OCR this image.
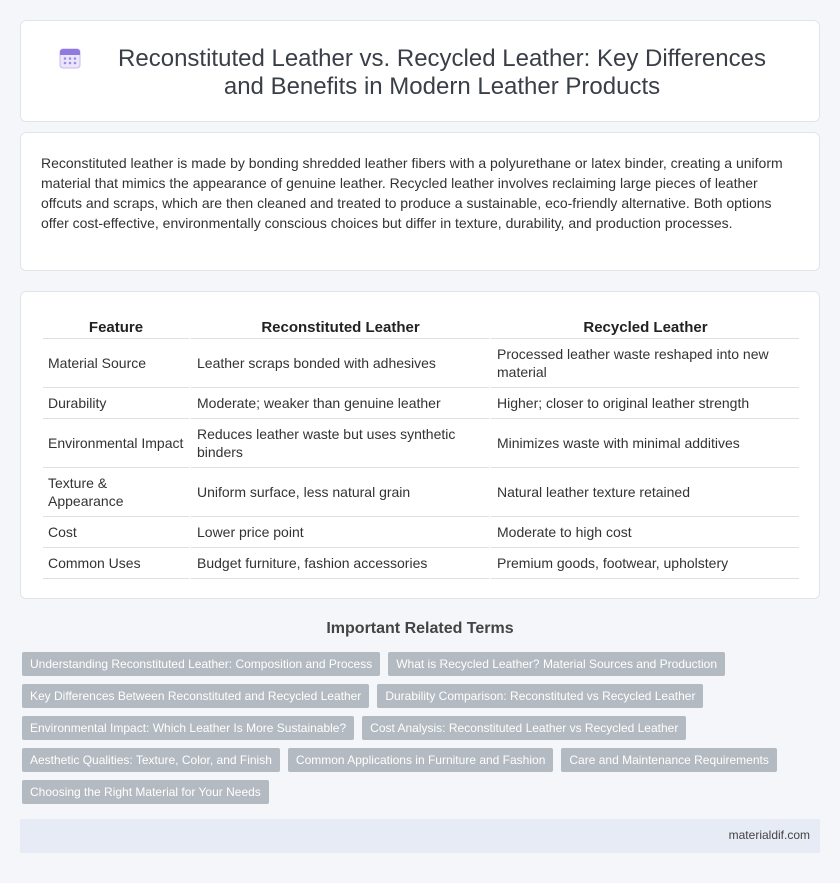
Reconstituted Leather vs. Recycled Leather: Key Differences and Benefits in Modern Leather Products

Reconstituted leather is made by bonding shredded leather fibers with a polyurethane or latex binder, creating a uniform material that mimics the appearance of genuine leather. Recycled leather involves reclaiming large pieces of leather offcuts and scraps, which are then cleaned and treated to produce a sustainable, eco-friendly alternative. Both options offer cost-effective, environmentally conscious choices but differ in texture, durability, and production processes.

Feature	Reconstituted Leather	Recycled Leather
Material Source	Leather scraps bonded with adhesives	Processed leather waste reshaped into new material
Durability	Moderate; weaker than genuine leather	Higher; closer to original leather strength
Environmental Impact	Reduces leather waste but uses synthetic binders	Minimizes waste with minimal additives
Texture & Appearance	Uniform surface, less natural grain	Natural leather texture retained
Cost	Lower price point	Moderate to high cost
Common Uses	Budget furniture, fashion accessories	Premium goods, footwear, upholstery
Important Related Terms
Understanding Reconstituted Leather: Composition and Process	What is Recycled Leather? Material Sources and Production
Key Differences Between Reconstituted and Recycled Leather	Durability Comparison: Reconstituted vs Recycled Leather
Environmental Impact: Which Leather Is More Sustainable?	Cost Analysis: Reconstituted Leather vs Recycled Leather
Aesthetic Qualities: Texture, Color, and Finish	Common Applications in Furniture and Fashion	Care and Maintenance Requirements
Choosing the Right Material for Your Needs
materialdif.com
